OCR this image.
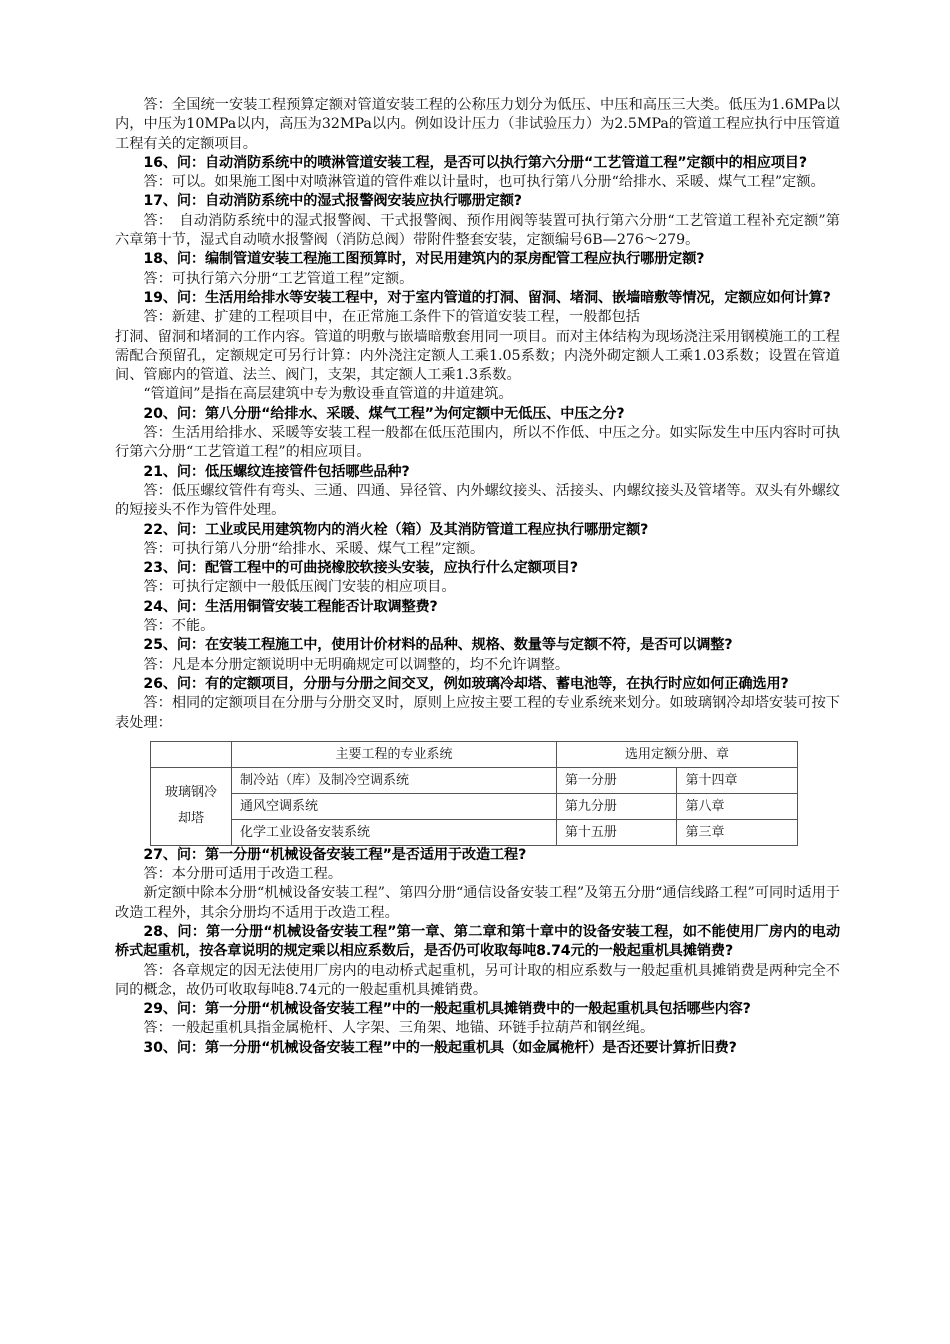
答：全国统一安装工程预算定额对管道安装工程的公称压力划分为低压、中压和高压三大类。低压为1.6MPa以内，中压为10MPa以内，高压为32MPa以内。例如设计压力（非试验压力）为2.5MPa的管道工程应执行中压管道工程有关的定额项目。

16、问：自动消防系统中的喷淋管道安装工程，是否可以执行第六分册“工艺管道工程”定额中的相应项目?

答：可以。如果施工图中对喷淋管道的管件难以计量时，也可执行第八分册“给排水、采暖、煤气工程”定额。

17、问：自动消防系统中的湿式报警阀安装应执行哪册定额?

答：　自动消防系统中的湿式报警阀、干式报警阀、预作用阀等装置可执行第六分册“工艺管道工程补充定额”第六章第十节，湿式自动喷水报警阀（消防总阀）带附件整套安装，定额编号6B—276～279。

18、问：编制管道安装工程施工图预算时，对民用建筑内的泵房配管工程应执行哪册定额?

答：可执行第六分册“工艺管道工程”定额。

19、问：生活用给排水等安装工程中，对于室内管道的打洞、留洞、堵洞、嵌墙暗敷等情况，定额应如何计算?

答：新建、扩建的工程项目中，在正常施工条件下的管道安装工程，一般都包括

打洞、留洞和堵洞的工作内容。管道的明敷与嵌墙暗敷套用同一项目。而对主体结构为现场浇注采用钢模施工的工程需配合预留孔，定额规定可另行计算：内外浇注定额人工乘1.05系数；内浇外砌定额人工乘1.03系数；设置在管道间、管廊内的管道、法兰、阀门，支架，其定额人工乘1.3系数。

“管道间”是指在高层建筑中专为敷设垂直管道的井道建筑。

20、问：第八分册“给排水、采暖、煤气工程”为何定额中无低压、中压之分?

答：生活用给排水、采暖等安装工程一般都在低压范围内，所以不作低、中压之分。如实际发生中压内容时可执行第六分册“工艺管道工程”的相应项目。

21、问：低压螺纹连接管件包括哪些品种?

答：低压螺纹管件有弯头、三通、四通、异径管、内外螺纹接头、活接头、内螺纹接头及管堵等。双头有外螺纹的短接头不作为管件处理。

22、问：工业或民用建筑物内的消火栓（箱）及其消防管道工程应执行哪册定额?

答：可执行第八分册“给排水、采暖、煤气工程”定额。

23、问：配管工程中的可曲挠橡胶软接头安装，应执行什么定额项目?

答：可执行定额中一般低压阀门安装的相应项目。

24、问：生活用铜管安装工程能否计取调整费?

答：不能。

25、问：在安装工程施工中，使用计价材料的品种、规格、数量等与定额不符，是否可以调整?

答：凡是本分册定额说明中无明确规定可以调整的，均不允许调整。

26、问：有的定额项目，分册与分册之间交叉，例如玻璃冷却塔、蓄电池等，在执行时应如何正确选用?

答：相同的定额项目在分册与分册交叉时，原则上应按主要工程的专业系统来划分。如玻璃钢冷却塔安装可按下表处理：

	主要工程的专业系统	选用定额分册、章	
玻璃钢冷却塔	制冷站（库）及制冷空调系统	第一分册	第十四章
	通风空调系统	第九分册	第八章
	化学工业设备安装系统	第十五册	第三章

27、问：第一分册“机械设备安装工程”是否适用于改造工程?

答：本分册可适用于改造工程。

新定额中除本分册“机械设备安装工程”、第四分册“通信设备安装工程”及第五分册“通信线路工程”可同时适用于改造工程外，其余分册均不适用于改造工程。

28、问：第一分册“机械设备安装工程”第一章、第二章和第十章中的设备安装工程，如不能使用厂房内的电动桥式起重机，按各章说明的规定乘以相应系数后，是否仍可收取每吨8.74元的一般起重机具摊销费?

答：各章规定的因无法使用厂房内的电动桥式起重机，另可计取的相应系数与一般起重机具摊销费是两种完全不同的概念，故仍可收取每吨8.74元的一般起重机具摊销费。

29、问：第一分册“机械设备安装工程”中的一般起重机具摊销费中的一般起重机具包括哪些内容?

答：一般起重机具指金属桅杆、人字架、三角架、地锚、环链手拉葫芦和钢丝绳。

30、问：第一分册“机械设备安装工程”中的一般起重机具（如金属桅杆）是否还要计算折旧费?
